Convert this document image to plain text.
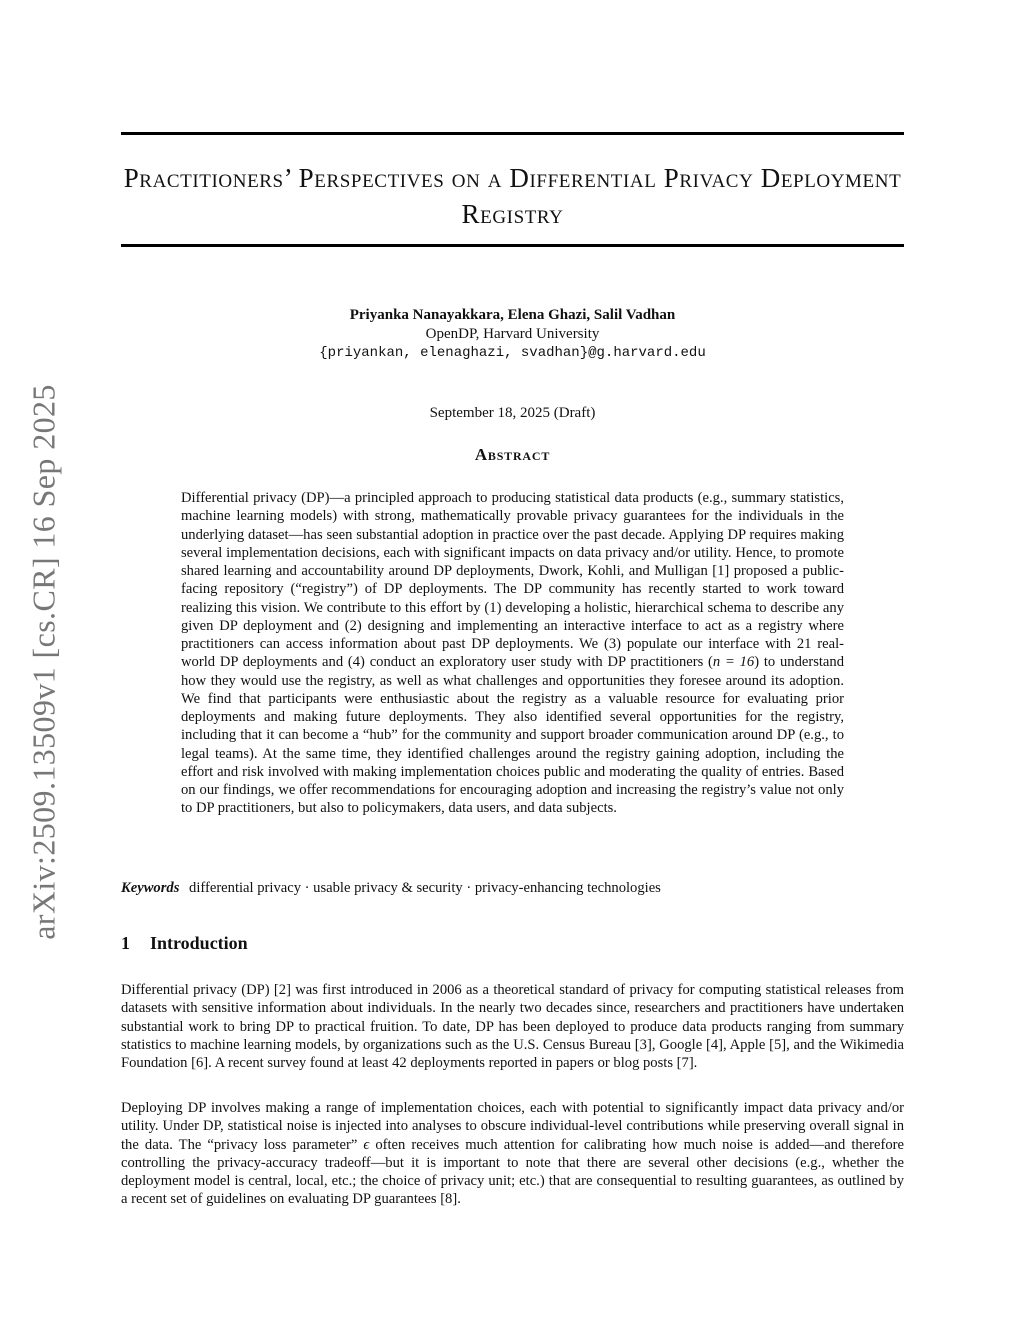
arXiv:2509.13509v1 [cs.CR] 16 Sep 2025
Practitioners’ Perspectives on a Differential Privacy Deployment Registry
Priyanka Nanayakkara, Elena Ghazi, Salil Vadhan
OpenDP, Harvard University
{priyankan, elenaghazi, svadhan}@g.harvard.edu
September 18, 2025 (Draft)
Abstract

Differential privacy (DP)—a principled approach to producing statistical data products (e.g., summary statistics, machine learning models) with strong, mathematically provable privacy guarantees for the individuals in the underlying dataset—has seen substantial adoption in practice over the past decade. Applying DP requires making several implementation decisions, each with significant impacts on data privacy and/or utility. Hence, to promote shared learning and accountability around DP deployments, Dwork, Kohli, and Mulligan [1] proposed a public-facing repository (“registry”) of DP deployments. The DP community has recently started to work toward realizing this vision. We contribute to this effort by (1) developing a holistic, hierarchical schema to describe any given DP deployment and (2) designing and implementing an interactive interface to act as a registry where practitioners can access information about past DP deployments. We (3) populate our interface with 21 real-world DP deployments and (4) conduct an exploratory user study with DP practitioners (n = 16) to understand how they would use the registry, as well as what challenges and opportunities they foresee around its adoption. We find that participants were enthusiastic about the registry as a valuable resource for evaluating prior deployments and making future deployments. They also identified several opportunities for the registry, including that it can become a “hub” for the community and support broader communication around DP (e.g., to legal teams). At the same time, they identified challenges around the registry gaining adoption, including the effort and risk involved with making implementation choices public and moderating the quality of entries. Based on our findings, we offer recommendations for encouraging adoption and increasing the registry’s value not only to DP practitioners, but also to policymakers, data users, and data subjects.

Keywords differential privacy · usable privacy & security · privacy-enhancing technologies
1 Introduction

Differential privacy (DP) [2] was first introduced in 2006 as a theoretical standard of privacy for computing statistical releases from datasets with sensitive information about individuals. In the nearly two decades since, researchers and practitioners have undertaken substantial work to bring DP to practical fruition. To date, DP has been deployed to produce data products ranging from summary statistics to machine learning models, by organizations such as the U.S. Census Bureau [3], Google [4], Apple [5], and the Wikimedia Foundation [6]. A recent survey found at least 42 deployments reported in papers or blog posts [7].

Deploying DP involves making a range of implementation choices, each with potential to significantly impact data privacy and/or utility. Under DP, statistical noise is injected into analyses to obscure individual-level contributions while preserving overall signal in the data. The “privacy loss parameter” ϵ often receives much attention for calibrating how much noise is added—and therefore controlling the privacy-accuracy tradeoff—but it is important to note that there are several other decisions (e.g., whether the deployment model is central, local, etc.; the choice of privacy unit; etc.) that are consequential to resulting guarantees, as outlined by a recent set of guidelines on evaluating DP guarantees [8].
